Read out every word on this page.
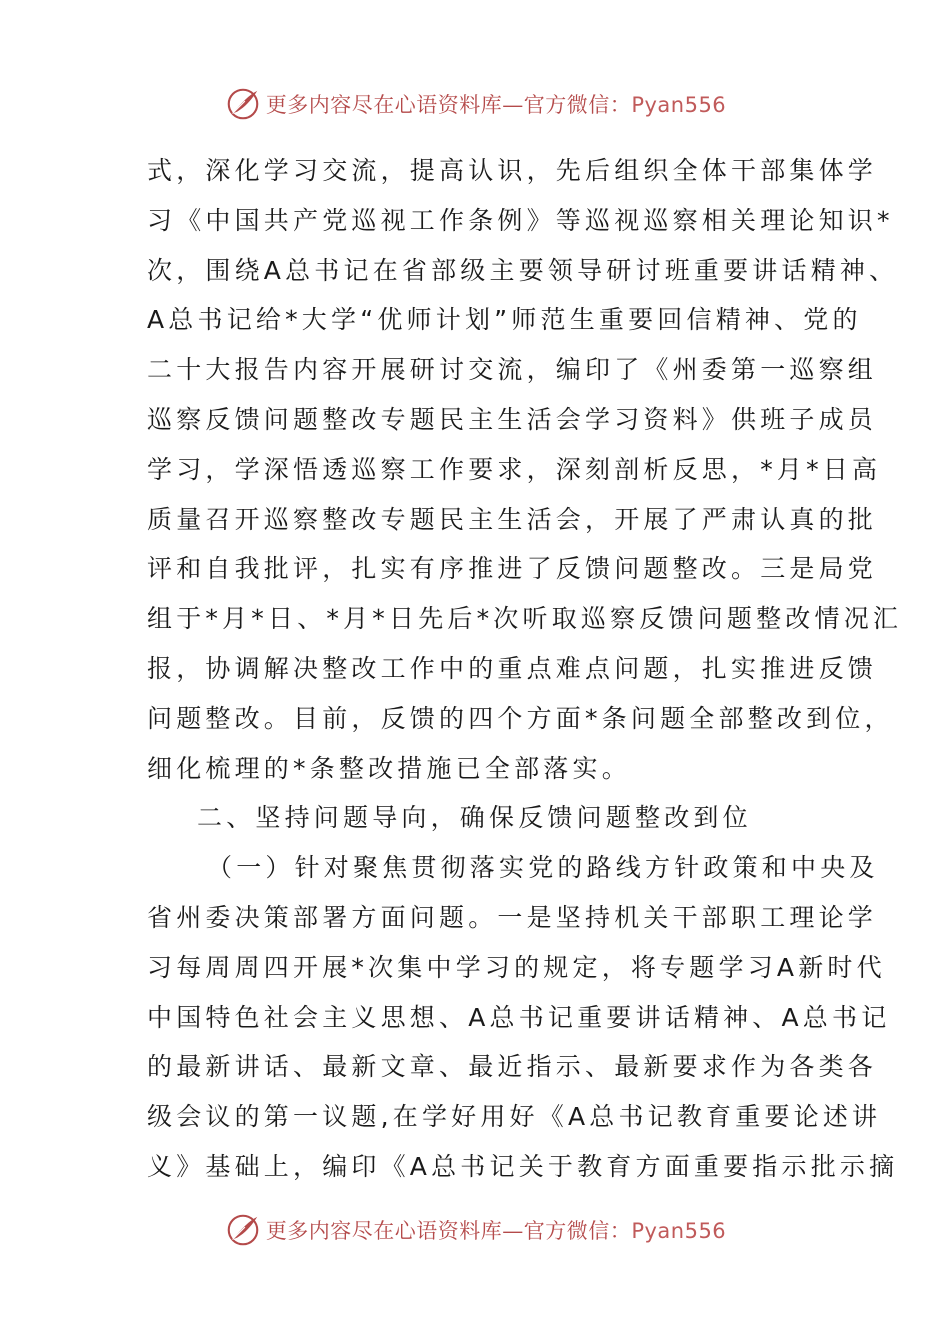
更多内容尽在心语资料库—官方微信：Pyan556
式，深化学习交流，提高认识，先后组织全体干部集体学
习《中国共产党巡视工作条例》等巡视巡察相关理论知识*
次，围绕A总书记在省部级主要领导研讨班重要讲话精神、
A总书记给*大学“优师计划”师范生重要回信精神、党的
二十大报告内容开展研讨交流，编印了《州委第一巡察组
巡察反馈问题整改专题民主生活会学习资料》供班子成员
学习，学深悟透巡察工作要求，深刻剖析反思，*月*日高
质量召开巡察整改专题民主生活会，开展了严肃认真的批
评和自我批评，扎实有序推进了反馈问题整改。三是局党
组于*月*日、*月*日先后*次听取巡察反馈问题整改情况汇
报，协调解决整改工作中的重点难点问题，扎实推进反馈
问题整改。目前，反馈的四个方面*条问题全部整改到位，
细化梳理的*条整改措施已全部落实。
二、坚持问题导向，确保反馈问题整改到位
（一）针对聚焦贯彻落实党的路线方针政策和中央及
省州委决策部署方面问题。一是坚持机关干部职工理论学
习每周周四开展*次集中学习的规定，将专题学习A新时代
中国特色社会主义思想、A总书记重要讲话精神、A总书记
的最新讲话、最新文章、最近指示、最新要求作为各类各
级会议的第一议题,在学好用好《A总书记教育重要论述讲
义》基础上，编印《A总书记关于教育方面重要指示批示摘
更多内容尽在心语资料库—官方微信：Pyan556
